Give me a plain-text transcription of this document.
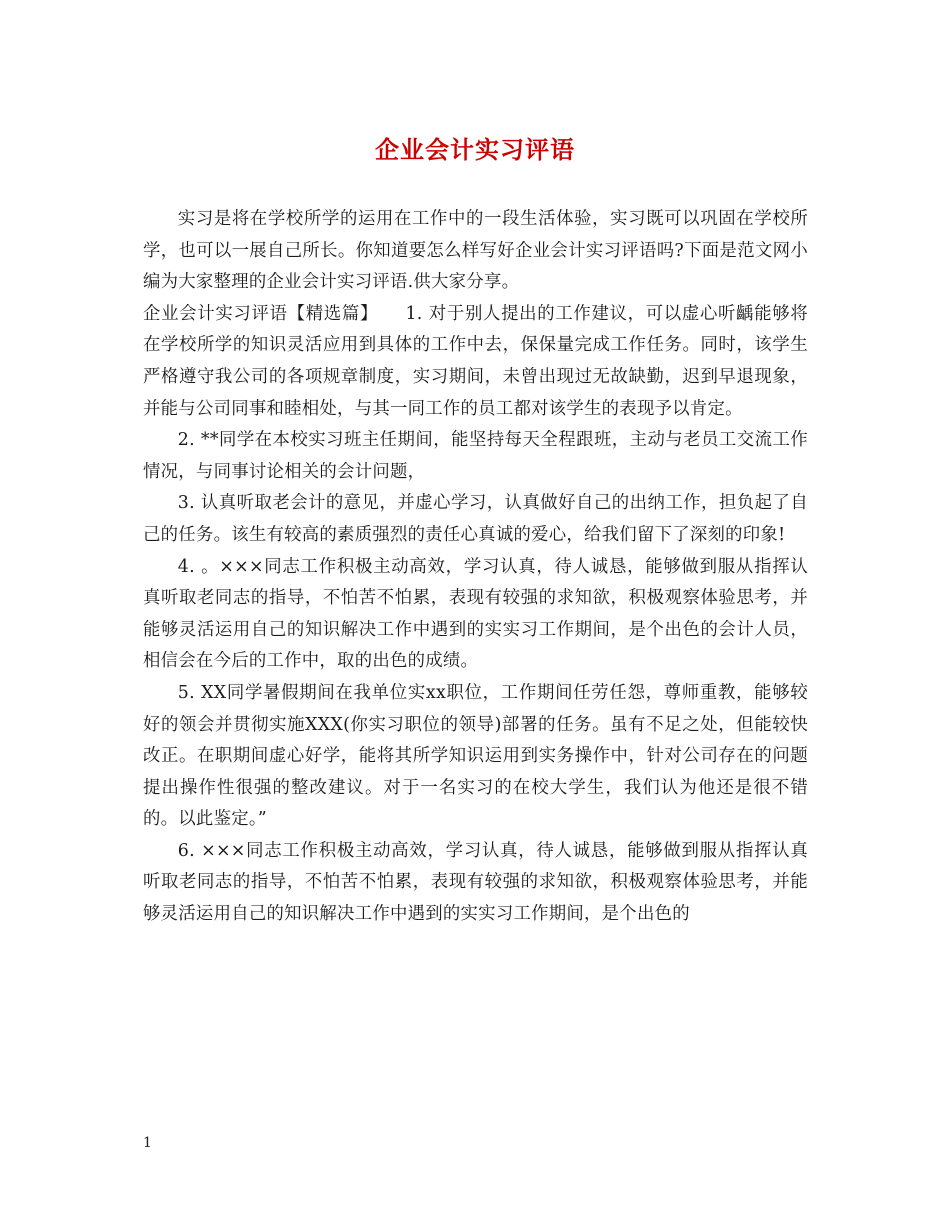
企业会计实习评语

实习是将在学校所学的运用在工作中的一段生活体验，实习既可以巩固在学校所学，也可以一展自己所长。你知道要怎么样写好企业会计实习评语吗?下面是范文网小编为大家整理的企业会计实习评语.供大家分享。

企业会计实习评语【精选篇】　　1. 对于别人提出的工作建议，可以虚心听齲能够将在学校所学的知识灵活应用到具体的工作中去，保保量完成工作任务。同时，该学生严格遵守我公司的各项规章制度，实习期间，未曾出现过无故缺勤，迟到早退现象，并能与公司同事和睦相处，与其一同工作的员工都对该学生的表现予以肯定。

2. **同学在本校实习班主任期间，能坚持每天全程跟班，主动与老员工交流工作情况，与同事讨论相关的会计问题，

3. 认真听取老会计的意见，并虚心学习，认真做好自己的出纳工作，担负起了自己的任务。该生有较高的素质强烈的责任心真诚的爱心，给我们留下了深刻的印象!

4. 。×××同志工作积极主动高效，学习认真，待人诚恳，能够做到服从指挥认真听取老同志的指导，不怕苦不怕累，表现有较强的求知欲，积极观察体验思考，并能够灵活运用自己的知识解决工作中遇到的实实习工作期间，是个出色的会计人员，相信会在今后的工作中，取的出色的成绩。

5. XX同学暑假期间在我单位实xx职位，工作期间任劳任怨，尊师重教，能够较好的领会并贯彻实施XXX(你实习职位的领导)部署的任务。虽有不足之处，但能较快改正。在职期间虚心好学，能将其所学知识运用到实务操作中，针对公司存在的问题提出操作性很强的整改建议。对于一名实习的在校大学生，我们认为他还是很不错的。以此鉴定。”

6. ×××同志工作积极主动高效，学习认真，待人诚恳，能够做到服从指挥认真听取老同志的指导，不怕苦不怕累，表现有较强的求知欲，积极观察体验思考，并能够灵活运用自己的知识解决工作中遇到的实实习工作期间，是个出色的

1
